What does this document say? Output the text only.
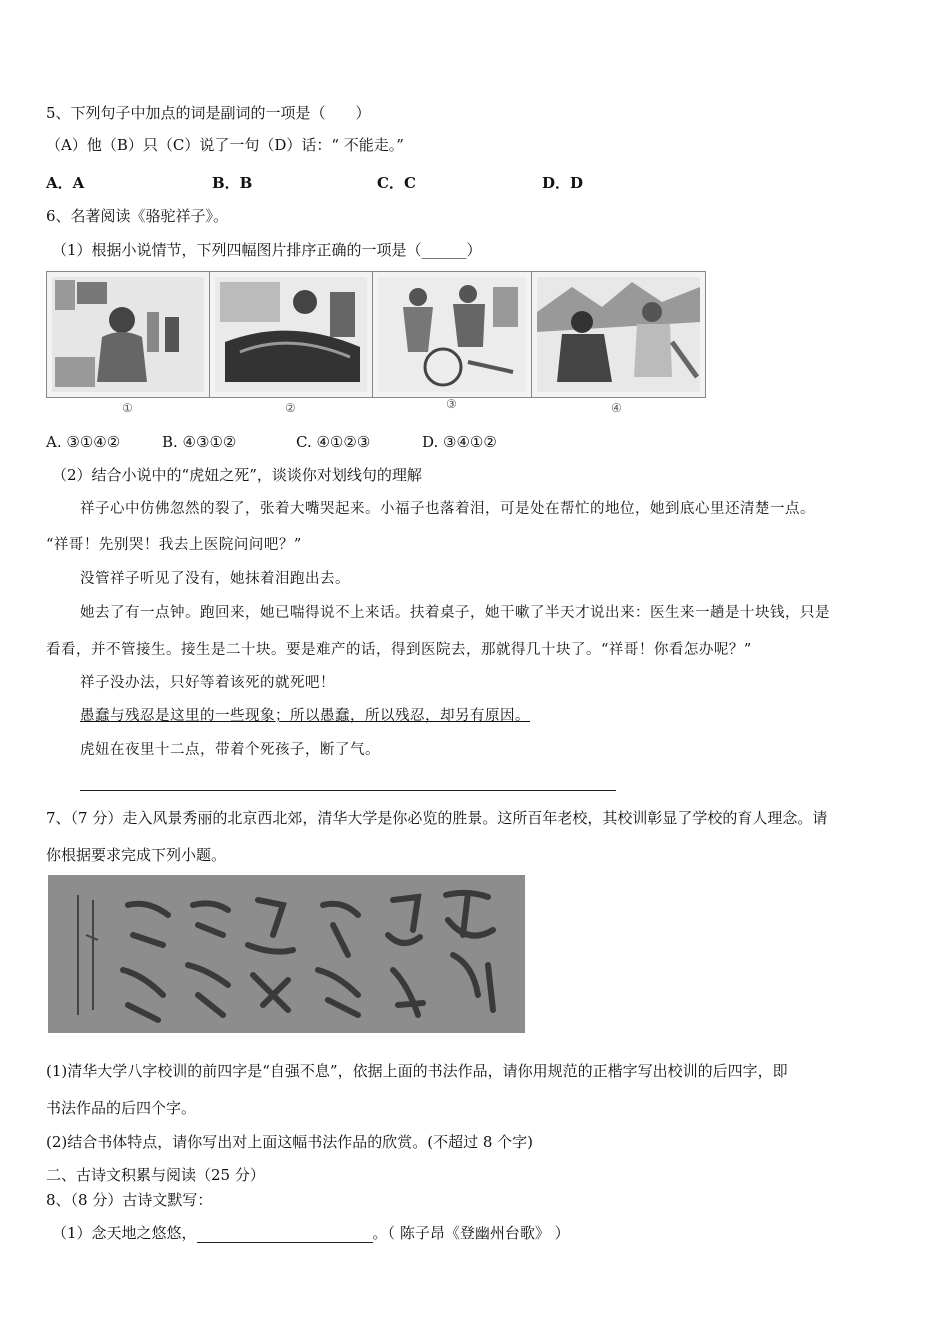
5、下列句子中加点的词是副词的一项是（　　）
（A）他（B）只（C）说了一句（D）话：“ 不能走。”
A．A	B．B	C．C	D．D
6、名著阅读《骆驼祥子》。
（1）根据小说情节，下列四幅图片排序正确的一项是（______）
①	②	③	④
A. ③①④②	B. ④③①②	C. ④①②③	D. ③④①②
（2）结合小说中的“虎妞之死”，谈谈你对划线句的理解
祥子心中仿佛忽然的裂了，张着大嘴哭起来。小福子也落着泪，可是处在帮忙的地位，她到底心里还清楚一点。
“祥哥！先别哭！我去上医院问问吧？”
没管祥子听见了没有，她抹着泪跑出去。
她去了有一点钟。跑回来，她已喘得说不上来话。扶着桌子，她干嗽了半天才说出来：医生来一趟是十块钱，只是
看看，并不管接生。接生是二十块。要是难产的话，得到医院去，那就得几十块了。“祥哥！你看怎办呢？”
祥子没办法，只好等着该死的就死吧！
愚蠢与残忍是这里的一些现象；所以愚蠢，所以残忍，却另有原因。
虎妞在夜里十二点，带着个死孩子，断了气。
7、（7 分）走入风景秀丽的北京西北郊，清华大学是你必览的胜景。这所百年老校，其校训彰显了学校的育人理念。请
你根据要求完成下列小题。
(1)清华大学八字校训的前四字是“自强不息”，依据上面的书法作品，请你用规范的正楷字写出校训的后四字，即
书法作品的后四个字。
(2)结合书体特点，请你写出对上面这幅书法作品的欣赏。(不超过 8 个字)
二、古诗文积累与阅读（25 分）
8、（8 分）古诗文默写：
（1）念天地之悠悠，	。（ 陈子昂《登幽州台歌》 ）
